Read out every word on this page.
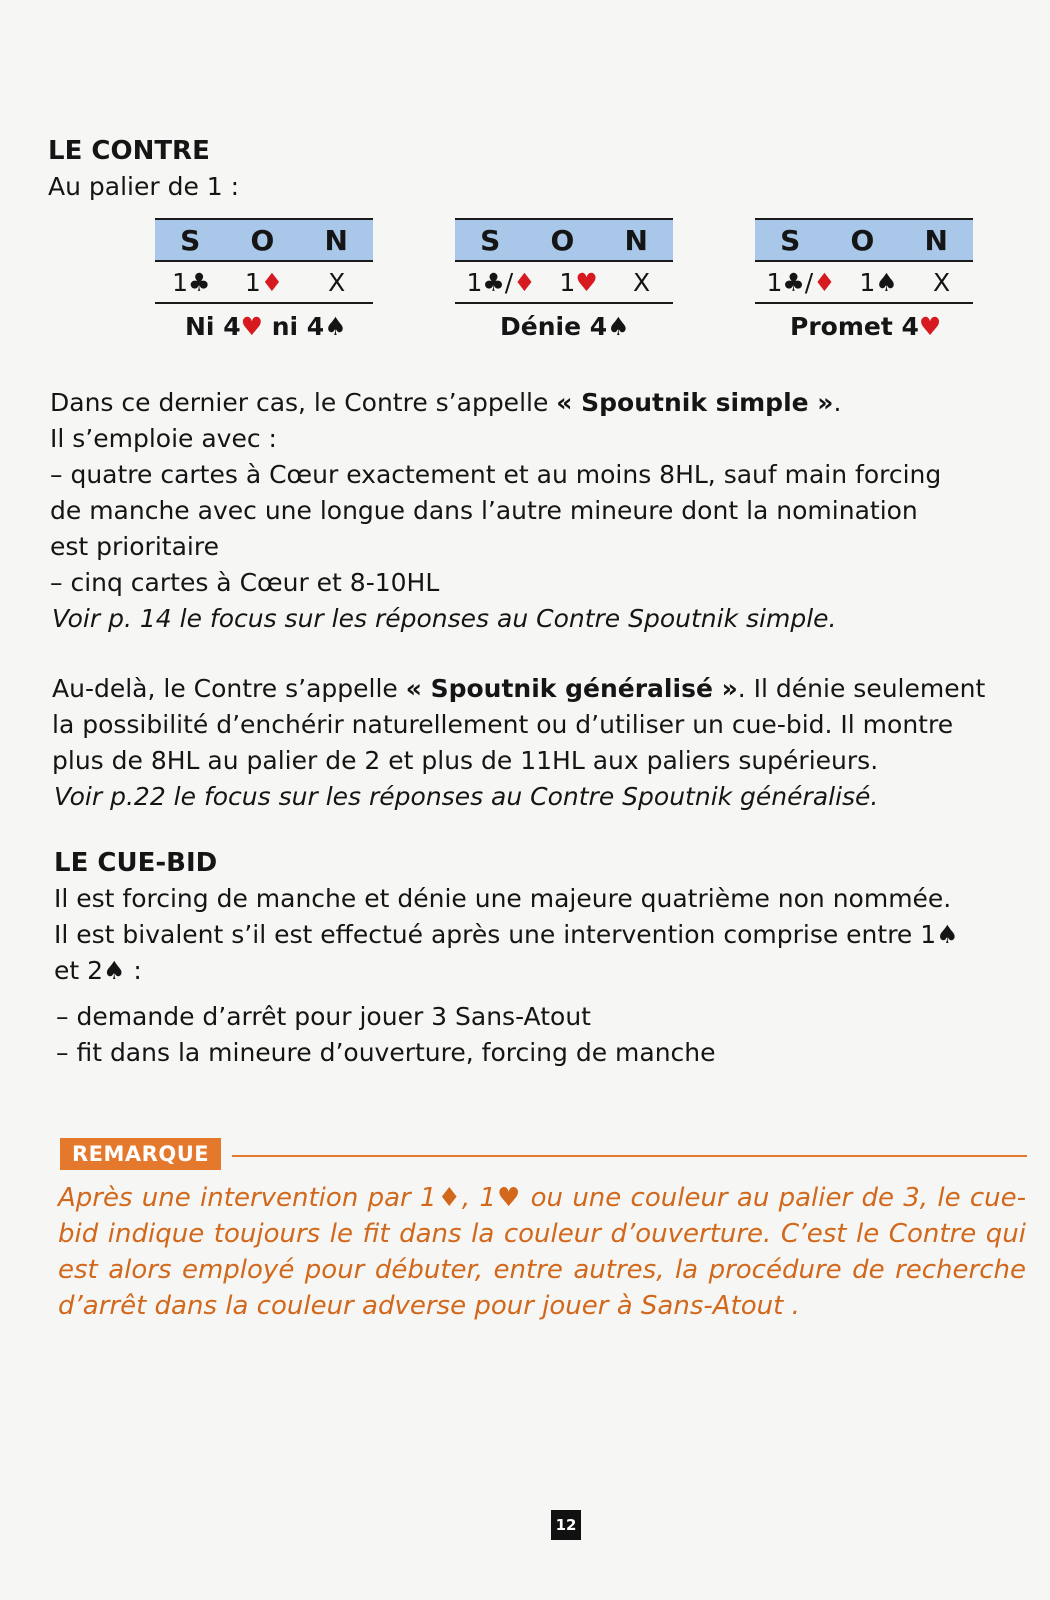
LE CONTRE
Au palier de 1 :
S O N
1♣ 1♦	X
Ni 4♥ ni 4♠
S O N
1♣/♦ 1♥	X
Dénie 4♠
S O N
1♣/♦ 1♠	X
Promet 4♥
Dans ce dernier cas, le Contre s’appelle « Spoutnik simple ».
Il s’emploie avec :
– quatre cartes à Cœur exactement et au moins 8HL, sauf main forcing
de manche avec une longue dans l’autre mineure dont la nomination
est prioritaire
– cinq cartes à Cœur et 8-10HL
Voir p. 14 le focus sur les réponses au Contre Spoutnik simple.
Au-delà, le Contre s’appelle « Spoutnik généralisé ». Il dénie seulement
la possibilité d’enchérir naturellement ou d’utiliser un cue-bid. Il montre
plus de 8HL au palier de 2 et plus de 11HL aux paliers supérieurs.
Voir p.22 le focus sur les réponses au Contre Spoutnik généralisé.
LE CUE-BID
Il est forcing de manche et dénie une majeure quatrième non nommée.
Il est bivalent s’il est effectué après une intervention comprise entre 1♠
et 2♠ :
– demande d’arrêt pour jouer 3 Sans-Atout
– fit dans la mineure d’ouverture, forcing de manche
REMARQUE
Après une intervention par 1♦, 1♥ ou une couleur au palier de 3, le cue-bid indique toujours le fit dans la couleur d’ouverture. C’est le Contre qui est alors employé pour débuter, entre autres, la procédure de recherche d’arrêt dans la couleur adverse pour jouer à Sans-Atout .
12
